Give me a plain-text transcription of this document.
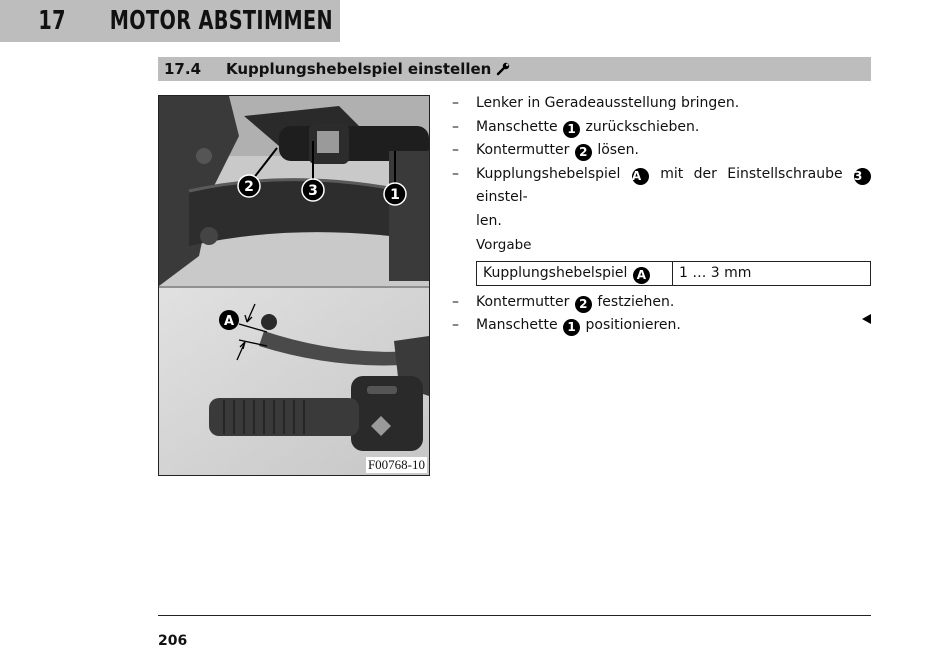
17 MOTOR ABSTIMMEN
17.4	Kupplungshebelspiel einstellen
2	3	1
A
F00768-10
– Lenker in Geradeausstellung bringen.
– Manschette 1 zurückschieben.
– Kontermutter 2 lösen.
– Kupplungshebelspiel A mit der Einstellschraube 3 einstel-
len.
Vorgabe
Kupplungshebelspiel A	1 … 3 mm
– Kontermutter 2 festziehen.
– Manschette 1 positionieren.
206
